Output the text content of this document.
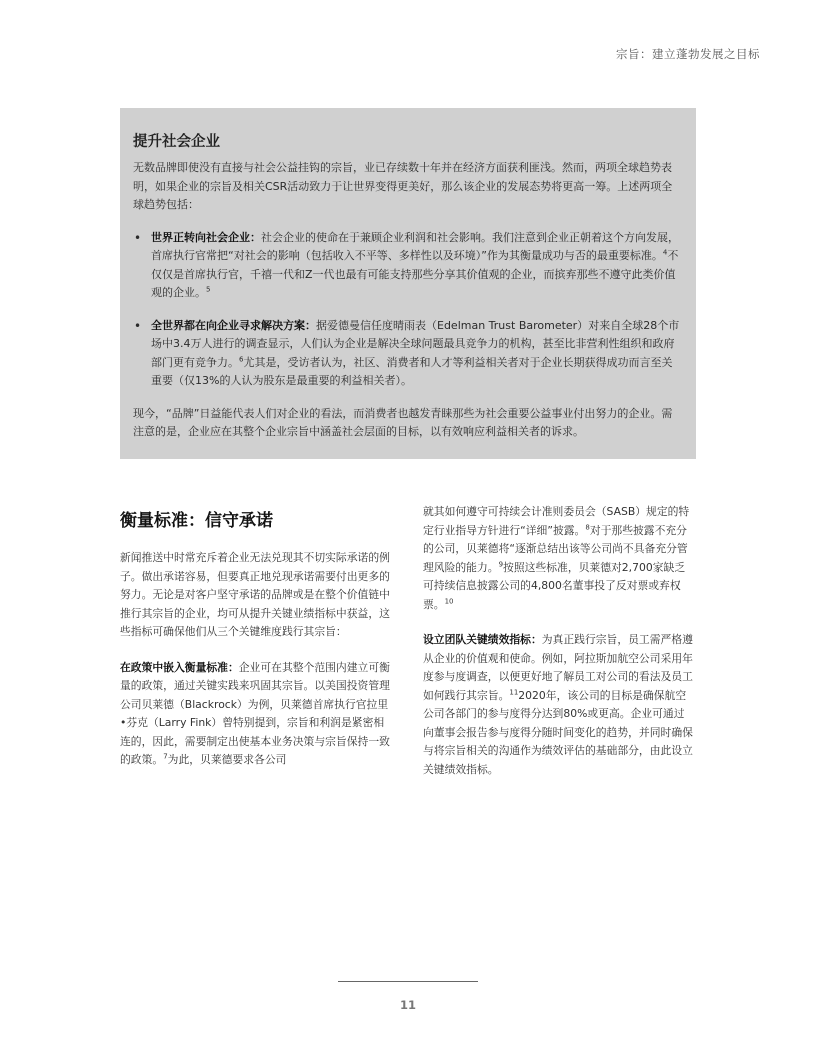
宗旨：建立蓬勃发展之目标
提升社会企业

无数品牌即使没有直接与社会公益挂钩的宗旨，业已存续数十年并在经济方面获利匪浅。然而，两项全球趋势表明，如果企业的宗旨及相关CSR活动致力于让世界变得更美好，那么该企业的发展态势将更高一筹。上述两项全球趋势包括：

• 世界正转向社会企业：社会企业的使命在于兼顾企业利润和社会影响。我们注意到企业正朝着这个方向发展，首席执行官常把“对社会的影响（包括收入不平等、多样性以及环境）”作为其衡量成功与否的最重要标准。$^4$不仅仅是首席执行官，千禧一代和Z一代也最有可能支持那些分享其价值观的企业，而摈弃那些不遵守此类价值观的企业。$^5$
• 全世界都在向企业寻求解决方案：据爱德曼信任度晴雨表（Edelman Trust Barometer）对来自全球28个市场中3.4万人进行的调查显示，人们认为企业是解决全球问题最具竞争力的机构，甚至比非营利性组织和政府部门更有竞争力。$^6$尤其是，受访者认为，社区、消费者和人才等利益相关者对于企业长期获得成功而言至关重要（仅13%的人认为股东是最重要的利益相关者）。

现今，“品牌”日益能代表人们对企业的看法，而消费者也越发青睐那些为社会重要公益事业付出努力的企业。需注意的是，企业应在其整个企业宗旨中涵盖社会层面的目标，以有效响应利益相关者的诉求。

衡量标准：信守承诺

新闻推送中时常充斥着企业无法兑现其不切实际承诺的例子。做出承诺容易，但要真正地兑现承诺需要付出更多的努力。无论是对客户坚守承诺的品牌或是在整个价值链中推行其宗旨的企业，均可从提升关键业绩指标中获益，这些指标可确保他们从三个关键维度践行其宗旨：

在政策中嵌入衡量标准：企业可在其整个范围内建立可衡量的政策，通过关键实践来巩固其宗旨。以美国投资管理公司贝莱德（Blackrock）为例，贝莱德首席执行官拉里•芬克（Larry Fink）曾特别提到，宗旨和利润是紧密相连的，因此，需要制定出使基本业务决策与宗旨保持一致的政策。$^7$为此，贝莱德要求各公司

就其如何遵守可持续会计准则委员会（SASB）规定的特定行业指导方针进行“详细”披露。$^8$对于那些披露不充分的公司，贝莱德将“逐渐总结出该等公司尚不具备充分管理风险的能力。$^9$按照这些标准，贝莱德对2,700家缺乏可持续信息披露公司的4,800名董事投了反对票或弃权票。$^{10}$

设立团队关键绩效指标：为真正践行宗旨，员工需严格遵从企业的价值观和使命。例如，阿拉斯加航空公司采用年度参与度调查，以便更好地了解员工对公司的看法及员工如何践行其宗旨。$^{11}$2020年，该公司的目标是确保航空公司各部门的参与度得分达到80%或更高。企业可通过向董事会报告参与度得分随时间变化的趋势，并同时确保与将宗旨相关的沟通作为绩效评估的基础部分，由此设立关键绩效指标。

11
